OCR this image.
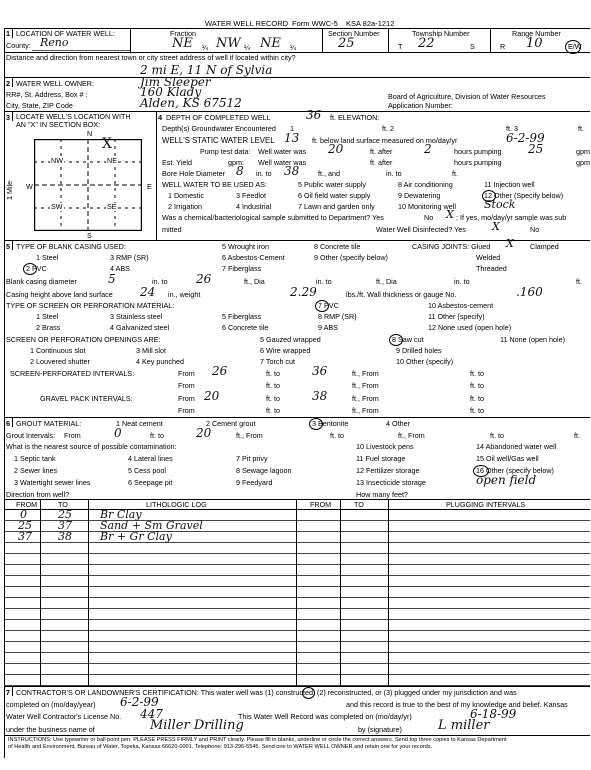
WATER WELL RECORD Form WWC-5 KSA 82a-1212
1 LOCATION OF WATER WELL:
County: Reno
Fraction
NE ¼ NW ¼ NE ¼
Section Number
25
Township Number
T 22	S
Range Number
R 10	E/W
Distance and direction from nearest town or city street address of well if located within city?
2 mi E, 11 N of Sylvia
2 WATER WELL OWNER:	Jim Sleeper
RR#, St. Address, Box # :	160 Klady	Board of Agriculture, Division of Water Resources
City, State, ZIP Code	Alden, KS 67512	Application Number:
3 LOCATE WELL'S LOCATION WITH
AN "X" IN SECTION BOX:
N
S
W	E
1 Mile
NW	NE
SW	SE
X
4 DEPTH OF COMPLETED WELL	36 ft. ELEVATION:
Depth(s) Groundwater Encountered 1	ft. 2	ft. 3	ft.
WELL'S STATIC WATER LEVEL 13 ft. below land surface measured on mo/day/yr	6-2-99
Pump test data: Well water was 20	ft. after	2	hours pumping 25	gpm
Est. Yield	gpm: Well water was	ft. after	hours pumping	gpm
Bore Hole Diameter 8 in. to 38	ft., and	in. to	ft.
WELL WATER TO BE USED AS:	5 Public water supply	8 Air conditioning	11 Injection well
1 Domestic	3 Feedlot	6 Oil field water supply	9 Dewatering	12 Other (Specify below)
2 Irrigation	4 Industrial	7 Lawn and garden only	10 Monitoring well	Stock
Was a chemical/bacteriological sample submitted to Department? Yes	No X ; If yes, mo/day/yr sample was sub
mitted	Water Well Disinfected? Yes X	No
5 TYPE OF BLANK CASING USED:	5 Wrought iron	8 Concrete tile	CASING JOINTS: Glued X Clamped
1 Steel	3 RMP (SR)	6 Asbestos-Cement	9 Other (specify below)	Welded
2 PVC	4 ABS	7 Fiberglass	Threaded
Blank casing diameter	5	in. to 26	ft., Dia	in. to	ft., Dia	in. to	ft.
Casing height above land surface 24 in., weight	2.29	lbs./ft. Wall thickness or gauge No.	.160
TYPE OF SCREEN OR PERFORATION MATERIAL:	7 PVC	10 Asbestos-cement
1 Steel	3 Stainless steel	5 Fiberglass	8 RMP (SR)	11 Other (specify)
2 Brass	4 Galvanized steel	6 Concrete tile	9 ABS	12 None used (open hole)
SCREEN OR PERFORATION OPENINGS ARE:	5 Gauzed wrapped	8 Saw cut	11 None (open hole)
1 Continuous slot	3 Mill slot	6 Wire wrapped	9 Drilled holes
2 Louvered shutter	4 Key punched	7 Torch cut	10 Other (specify)
SCREEN-PERFORATED INTERVALS:	From 26	ft. to	36	ft., From	ft. to
From	ft. to	ft., From	ft. to
GRAVEL PACK INTERVALS:	From 20	ft. to	38	ft., From	ft. to
From	ft. to	ft., From	ft. to
6 GROUT MATERIAL:	1 Neat cement	2 Cement grout	3 Bentonite	4 Other
Grout Intervals: From	0	ft. to	20	ft., From	ft. to	ft., From	ft. to	ft.
What is the nearest source of possible contamination:	10 Livestock pens	14 Abandoned water well
1 Septic tank	4 Lateral lines	7 Pit privy	11 Fuel storage	15 Oil well/Gas well
2 Sewer lines	5 Cess pool	8 Sewage lagoon	12 Fertilizer storage	16 Other (specify below)
3 Watertight sewer lines	6 Seepage pit	9 Feedyard	13 Insecticide storage	open field
Direction from well?	How many feet?
FROM	TO	LITHOLOGIC LOG	FROM	TO	PLUGGING INTERVALS
0	25	Br Clay
25 37	Sand + Sm Gravel
37 38	Br + Gr Clay
7 CONTRACTOR'S OR LANDOWNER'S CERTIFICATION: This water well was (1) constructed, (2) reconstructed, or (3) plugged under my jurisdiction and was
completed on (mo/day/year) 6-2-99	and this record is true to the best of my knowledge and belief. Kansas
Water Well Contractor's License No. 447	This Water Well Record was completed on (mo/day/yr)	6-18-99
under the business name of	Miller Drilling	by (signature)	L miller
INSTRUCTIONS: Use typewriter or ball point pen. PLEASE PRESS FIRMLY and PRINT clearly. Please fill in blanks, underline or circle the correct answers. Send top three copies to Kansas Department
of Health and Environment, Bureau of Water, Topeka, Kansas 66620-0001. Telephone: 913-296-5545. Send one to WATER WELL OWNER and retain one for your records.
